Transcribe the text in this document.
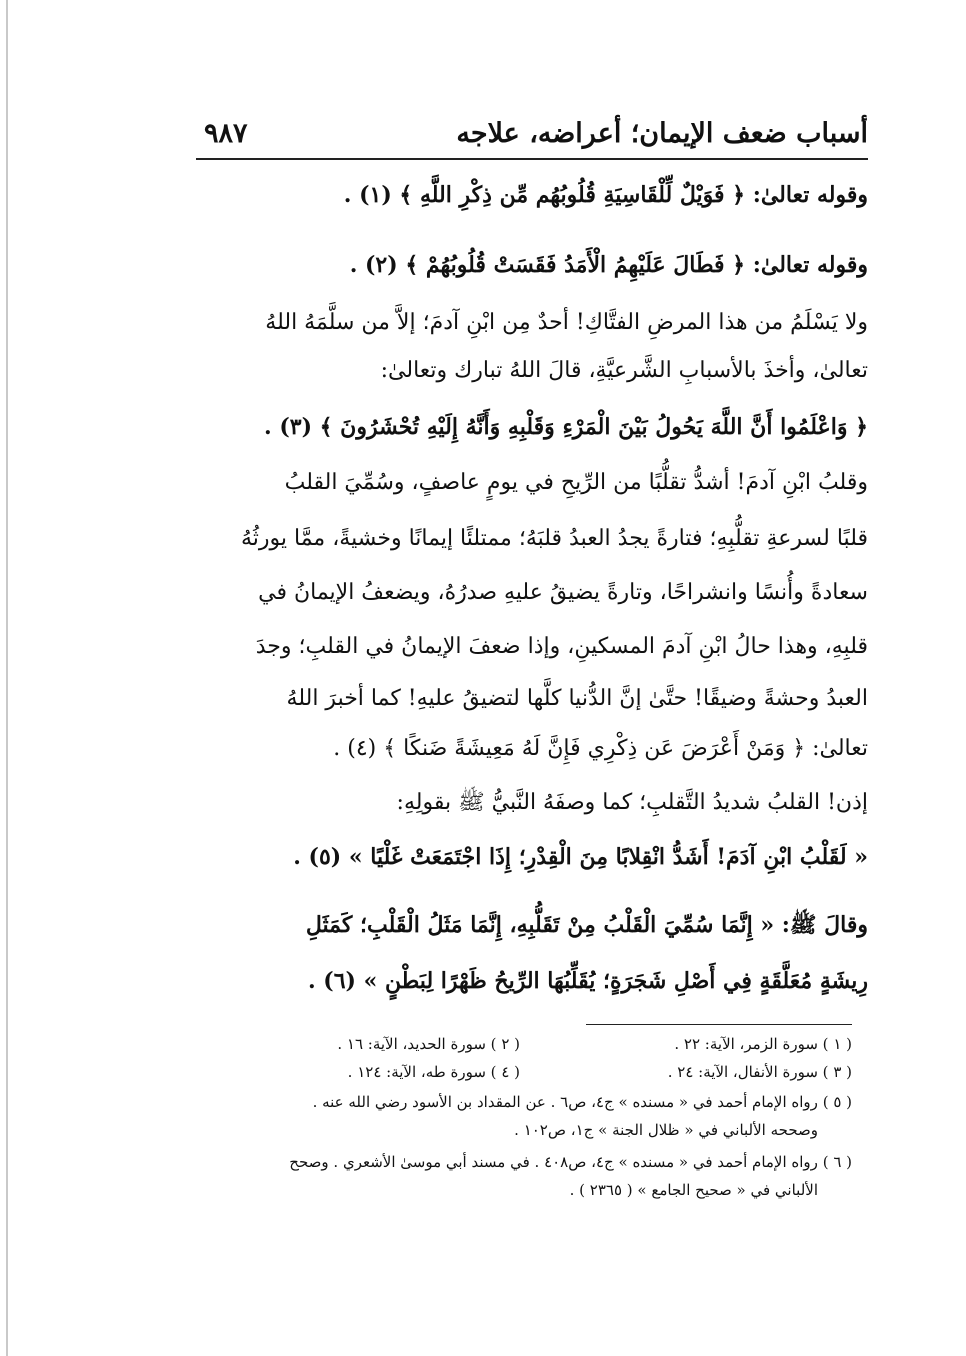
أسباب ضعف الإيمان؛ أعراضه، علاجه
٩٨٧

وقوله تعالىٰ: ﴿ فَوَيْلٌ لِّلْقَاسِيَةِ قُلُوبُهُم مِّن ذِكْرِ اللَّهِ ﴾ (١) .

وقوله تعالىٰ: ﴿ فَطَالَ عَلَيْهِمُ الْأَمَدُ فَقَسَتْ قُلُوبُهُمْ ﴾ (٢) .

ولا يَسْلَمُ من هذا المرضِ الفتَّاكِ! أحدٌ مِن ابْنِ آدمَ؛ إلاَّ من سلَّمَهُ اللهُ

تعالىٰ، وأخذَ بالأسبابِ الشَّرعيَّةِ، قالَ اللهُ تبارك وتعالىٰ:

﴿ وَاعْلَمُوا أَنَّ اللَّهَ يَحُولُ بَيْنَ الْمَرْءِ وَقَلْبِهِ وَأَنَّهُ إِلَيْهِ تُحْشَرُونَ ﴾ (٣) .

وقلبُ ابْنِ آدمَ! أشدُّ تقلُّبًا من الرِّيحِ في يومٍ عاصفٍ، وسُمِّيَ القلبُ

قلبًا لسرعةِ تقلُّبِهِ؛ فتارةً يجدُ العبدُ قلبَهُ؛ ممتلئًا إيمانًا وخشيةً، ممَّا يورثُهُ

سعادةً وأُنسًا وانشراحًا، وتارةً يضيقُ عليهِ صدرُهُ، ويضعفُ الإيمانُ في

قلبِهِ، وهذا حالُ ابْنِ آدمَ المسكينِ، وإذا ضعفَ الإيمانُ في القلبِ؛ وجدَ

العبدُ وحشةً وضيقًا! حتَّىٰ إنَّ الدُّنيا كلَّها لتضيقُ عليهِ! كما أخبرَ اللهُ

تعالىٰ: ﴿ وَمَنْ أَعْرَضَ عَن ذِكْرِي فَإِنَّ لَهُ مَعِيشَةً ضَنكًا ﴾ (٤) .

إذن! القلبُ شديدُ التَّقلبِ؛ كما وصفَهُ النَّبيُّ ﷺ بقولِهِ:

« لَقَلْبُ ابْنِ آدَمَ! أَشَدُّ انْقِلابًا مِنَ الْقِدْرِ؛ إِذَا اجْتَمَعَتْ غَلْيًا » (٥) .

وقالَ ﷺ: « إِنَّمَا سُمِّيَ الْقَلْبُ مِنْ تَقَلُّبِهِ، إِنَّمَا مَثَلُ الْقَلْبِ؛ كَمَثَلِ

رِيشَةٍ مُعَلَّقَةٍ فِي أَصْلِ شَجَرَةٍ؛ يُقَلِّبُهَا الرِّيحُ ظَهْرًا لِبَطْنٍ » (٦) .

( ١ ) سورة الزمر، الآية: ٢٢ .
( ٢ ) سورة الحديد، الآية: ١٦ .
( ٣ ) سورة الأنفال، الآية: ٢٤ .
( ٤ ) سورة طه، الآية: ١٢٤ .
( ٥ ) رواه الإمام أحمد في « مسنده » ج٤، ص٦ . عن المقداد بن الأسود رضي الله عنه .
وصححه الألباني في « ظلال الجنة » ج١، ص١٠٢ .
( ٦ ) رواه الإمام أحمد في « مسنده » ج٤، ص٤٠٨ . في مسند أبي موسىٰ الأشعري . وصحح
الألباني في « صحيح الجامع » ( ٢٣٦٥ ) .
